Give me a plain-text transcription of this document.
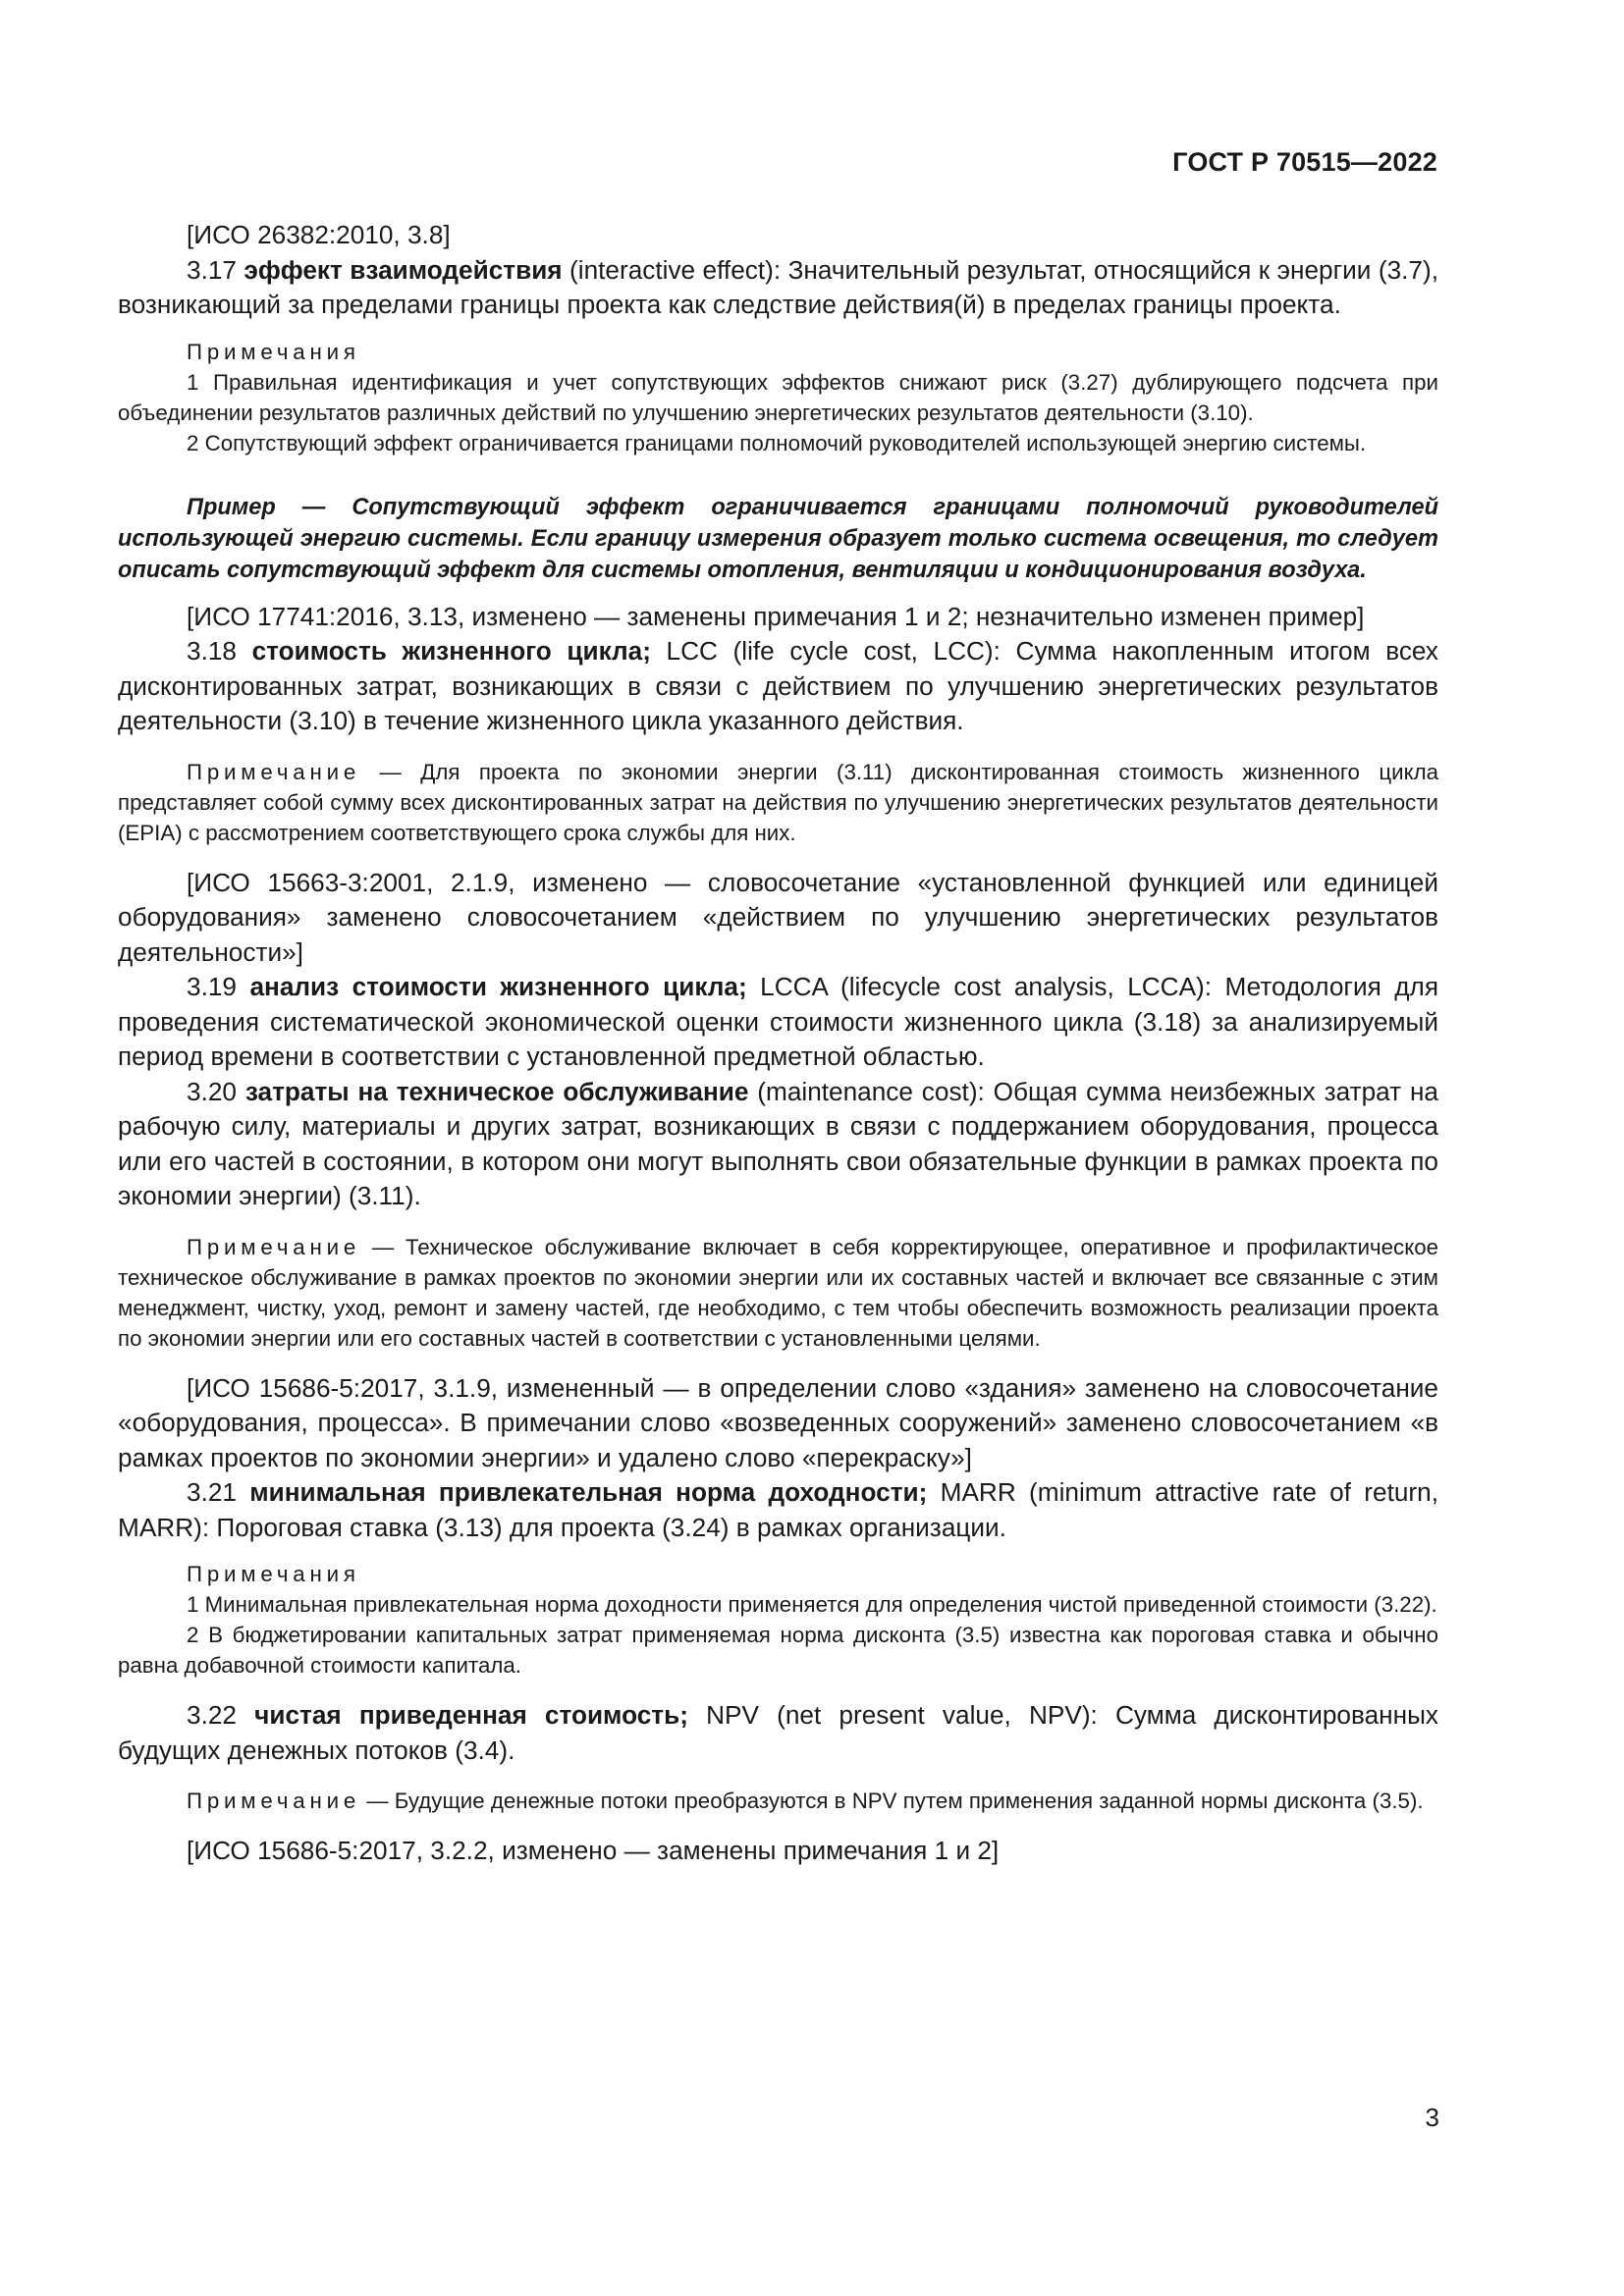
ГОСТ Р 70515—2022

[ИСО 26382:2010, 3.8]

3.17 эффект взаимодействия (interactive effect): Значительный результат, относящийся к энергии (3.7), возникающий за пределами границы проекта как следствие действия(й) в пределах границы проекта.

Примечания

1 Правильная идентификация и учет сопутствующих эффектов снижают риск (3.27) дублирующего подсчета при объединении результатов различных действий по улучшению энергетических результатов деятельности (3.10).

2 Сопутствующий эффект ограничивается границами полномочий руководителей использующей энергию системы.

Пример — Сопутствующий эффект ограничивается границами полномочий руководителей использующей энергию системы. Если границу измерения образует только система освещения, то следует описать сопутствующий эффект для системы отопления, вентиляции и кондиционирования воздуха.

[ИСО 17741:2016, 3.13, изменено — заменены примечания 1 и 2; незначительно изменен пример]

3.18 стоимость жизненного цикла; LCC (life cycle cost, LCC): Сумма накопленным итогом всех дисконтированных затрат, возникающих в связи с действием по улучшению энергетических результатов деятельности (3.10) в течение жизненного цикла указанного действия.

Примечание — Для проекта по экономии энергии (3.11) дисконтированная стоимость жизненного цикла представляет собой сумму всех дисконтированных затрат на действия по улучшению энергетических результатов деятельности (EPIA) с рассмотрением соответствующего срока службы для них.

[ИСО 15663-3:2001, 2.1.9, изменено — словосочетание «установленной функцией или единицей оборудования» заменено словосочетанием «действием по улучшению энергетических результатов деятельности»]

3.19 анализ стоимости жизненного цикла; LCCA (lifecycle cost analysis, LCCA): Методология для проведения систематической экономической оценки стоимости жизненного цикла (3.18) за анализируемый период времени в соответствии с установленной предметной областью.

3.20 затраты на техническое обслуживание (maintenance cost): Общая сумма неизбежных затрат на рабочую силу, материалы и других затрат, возникающих в связи с поддержанием оборудования, процесса или его частей в состоянии, в котором они могут выполнять свои обязательные функции в рамках проекта по экономии энергии) (3.11).

Примечание — Техническое обслуживание включает в себя корректирующее, оперативное и профилактическое техническое обслуживание в рамках проектов по экономии энергии или их составных частей и включает все связанные с этим менеджмент, чистку, уход, ремонт и замену частей, где необходимо, с тем чтобы обеспечить возможность реализации проекта по экономии энергии или его составных частей в соответствии с установленными целями.

[ИСО 15686-5:2017, 3.1.9, измененный — в определении слово «здания» заменено на словосочетание «оборудования, процесса». В примечании слово «возведенных сооружений» заменено словосочетанием «в рамках проектов по экономии энергии» и удалено слово «перекраску»]

3.21 минимальная привлекательная норма доходности; MARR (minimum attractive rate of return, MARR): Пороговая ставка (3.13) для проекта (3.24) в рамках организации.

Примечания

1 Минимальная привлекательная норма доходности применяется для определения чистой приведенной стоимости (3.22).

2 В бюджетировании капитальных затрат применяемая норма дисконта (3.5) известна как пороговая ставка и обычно равна добавочной стоимости капитала.

3.22 чистая приведенная стоимость; NPV (net present value, NPV): Сумма дисконтированных будущих денежных потоков (3.4).

Примечание — Будущие денежные потоки преобразуются в NPV путем применения заданной нормы дисконта (3.5).

[ИСО 15686-5:2017, 3.2.2, изменено — заменены примечания 1 и 2]

3
